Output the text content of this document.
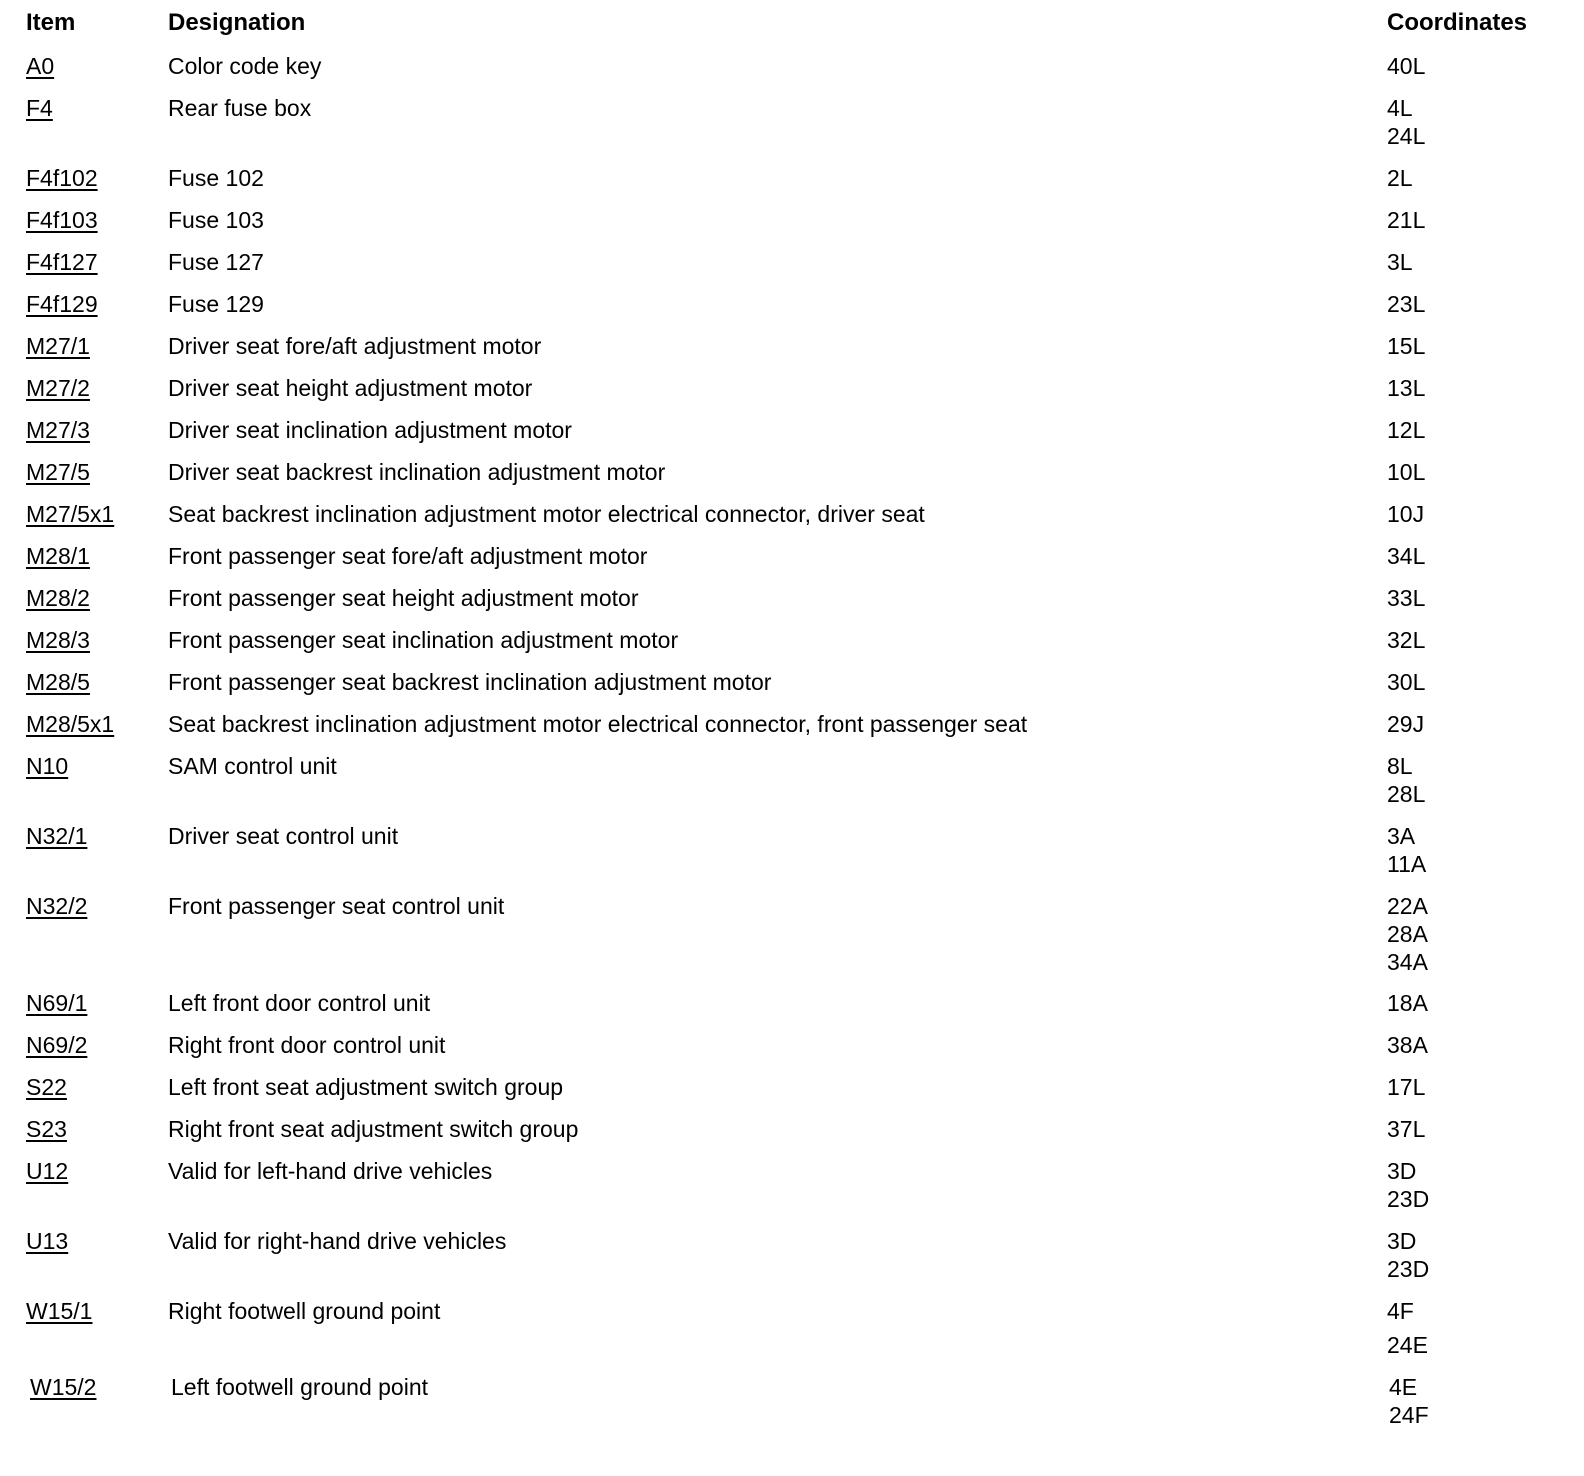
Item	Designation	Coordinates
A0	Color code key	40L
F4	Rear fuse box	4L
24L
F4f102	Fuse 102	2L
F4f103	Fuse 103	21L
F4f127	Fuse 127	3L
F4f129	Fuse 129	23L
M27/1	Driver seat fore/aft adjustment motor	15L
M27/2	Driver seat height adjustment motor	13L
M27/3	Driver seat inclination adjustment motor	12L
M27/5	Driver seat backrest inclination adjustment motor	10L
M27/5x1 Seat backrest inclination adjustment motor electrical connector, driver seat	10J
M28/1	Front passenger seat fore/aft adjustment motor	34L
M28/2	Front passenger seat height adjustment motor	33L
M28/3	Front passenger seat inclination adjustment motor	32L
M28/5	Front passenger seat backrest inclination adjustment motor	30L
M28/5x1 Seat backrest inclination adjustment motor electrical connector, front passenger seat	29J
N10	SAM control unit	8L
28L
N32/1	Driver seat control unit	3A
11A
N32/2	Front passenger seat control unit	22A
28A
34A
N69/1	Left front door control unit	18A
N69/2	Right front door control unit	38A
S22	Left front seat adjustment switch group	17L
S23	Right front seat adjustment switch group	37L
U12	Valid for left-hand drive vehicles	3D
23D
U13	Valid for right-hand drive vehicles	3D
23D
W15/1	Right footwell ground point	4F
24E
W15/2	Left footwell ground point	4E
24F
